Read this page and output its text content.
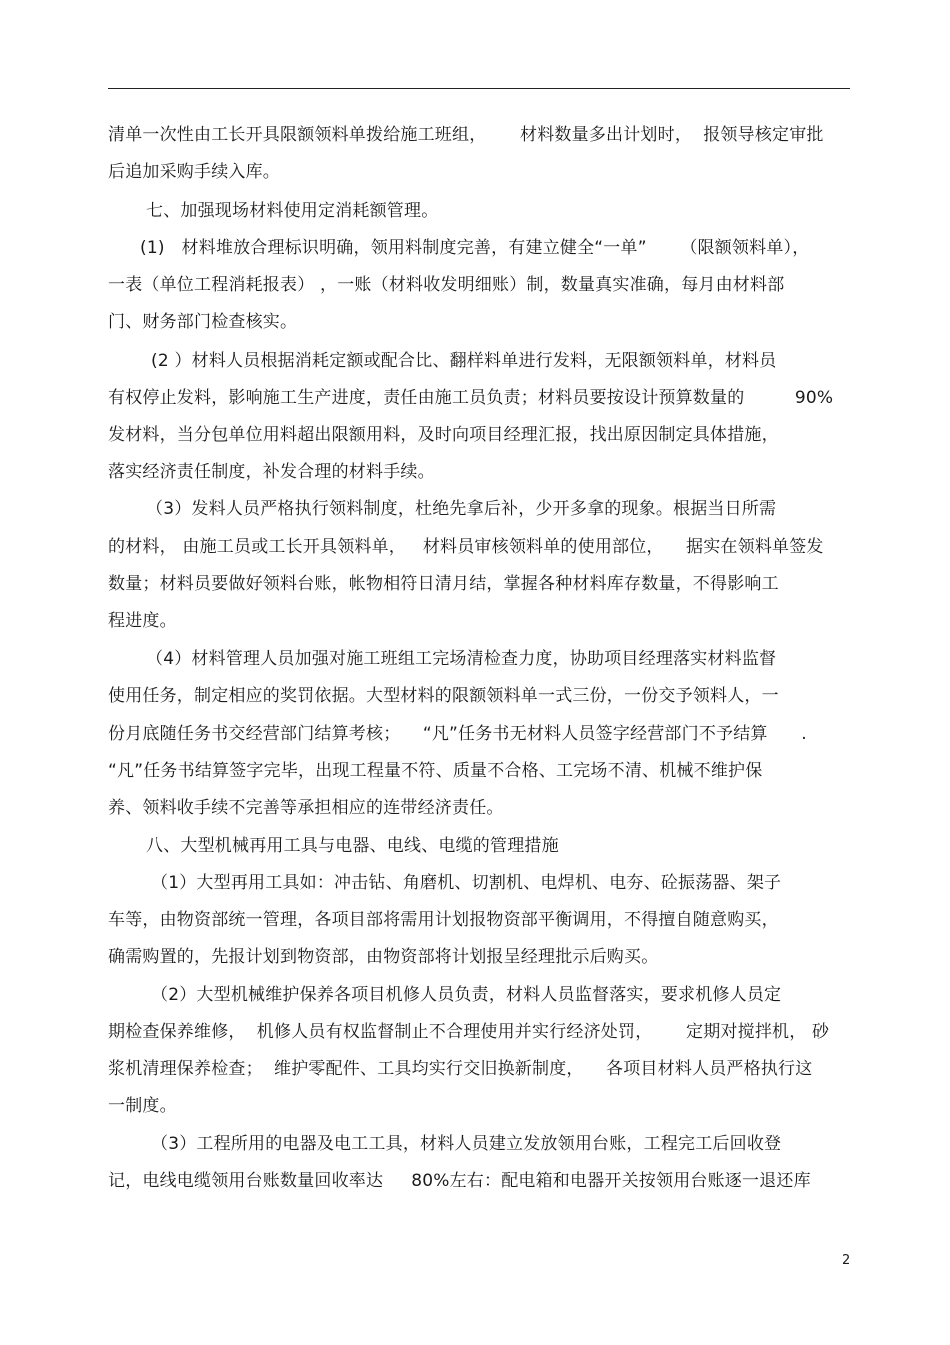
清单一次性由工长开具限额领料单拨给施工班组，      材料数量多出计划时，  报领导核定审批
后追加采购手续入库。
七、加强现场材料使用定消耗额管理。
(1)   材料堆放合理标识明确，领用料制度完善，有建立健全“一单”      （限额领料单），
一表（单位工程消耗报表） ，一账（材料收发明细账）制，数量真实准确，每月由材料部
门、财务部门检查核实。
(2 ）材料人员根据消耗定额或配合比、翻样料单进行发料，无限额领料单，材料员
有权停止发料，影响施工生产进度，责任由施工员负责；材料员要按设计预算数量的         90%
发材料，当分包单位用料超出限额用料，及时向项目经理汇报，找出原因制定具体措施，
落实经济责任制度，补发合理的材料手续。
（3）发料人员严格执行领料制度，杜绝先拿后补，少开多拿的现象。根据当日所需
的材料， 由施工员或工长开具领料单，   材料员审核领料单的使用部位，    据实在领料单签发
数量；材料员要做好领料台账，帐物相符日清月结，掌握各种材料库存数量，不得影响工
程进度。
（4）材料管理人员加强对施工班组工完场清检查力度，协助项目经理落实材料监督
使用任务，制定相应的奖罚依据。大型材料的限额领料单一式三份，一份交予领料人，一
份月底随任务书交经营部门结算考核；    “凡”任务书无材料人员签字经营部门不予结算      .
“凡”任务书结算签字完毕，出现工程量不符、质量不合格、工完场不清、机械不维护保
养、领料收手续不完善等承担相应的连带经济责任。
八、大型机械再用工具与电器、电线、电缆的管理措施
（1）大型再用工具如：冲击钻、角磨机、切割机、电焊机、电夯、砼振荡器、架子
车等，由物资部统一管理，各项目部将需用计划报物资部平衡调用，不得擅自随意购买，
确需购置的，先报计划到物资部，由物资部将计划报呈经理批示后购买。
（2）大型机械维护保养各项目机修人员负责，材料人员监督落实，要求机修人员定
期检查保养维修，  机修人员有权监督制止不合理使用并实行经济处罚，      定期对搅拌机， 砂
浆机清理保养检查；  维护零配件、工具均实行交旧换新制度，    各项目材料人员严格执行这
一制度。
（3）工程所用的电器及电工工具，材料人员建立发放领用台账，工程完工后回收登
记，电线电缆领用台账数量回收率达     80%左右：配电箱和电器开关按领用台账逐一退还库
2
